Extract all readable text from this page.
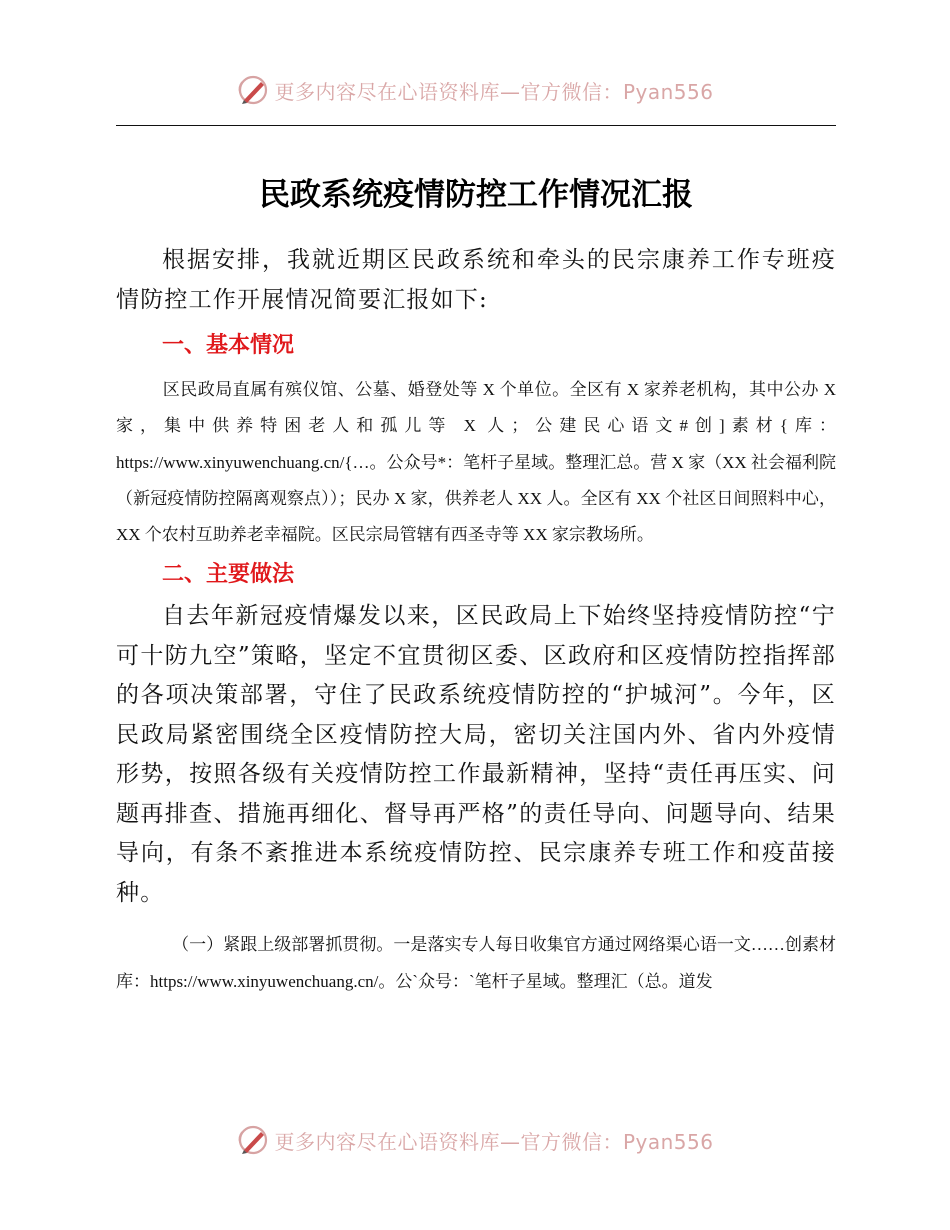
更多内容尽在心语资料库—官方微信：Pyan556
民政系统疫情防控工作情况汇报

根据安排，我就近期区民政系统和牵头的民宗康养工作专班疫情防控工作开展情况简要汇报如下:

一、基本情况

区民政局直属有殡仪馆、公墓、婚登处等 X 个单位。全区有 X 家养老机构，其中公办 X 家，集中供养特困老人和孤儿等 X 人；公建民心语文#创]素材{库：https://www.xinyuwenchuang.cn/{…。公众号*：笔杆子星域。整理汇总。营 X 家（XX 社会福利院（新冠疫情防控隔离观察点））；民办 X 家，供养老人 XX 人。全区有 XX 个社区日间照料中心，XX 个农村互助养老幸福院。区民宗局管辖有西圣寺等 XX 家宗教场所。

二、主要做法

自去年新冠疫情爆发以来，区民政局上下始终坚持疫情防控“宁可十防九空”策略，坚定不宜贯彻区委、区政府和区疫情防控指挥部的各项决策部署，守住了民政系统疫情防控的“护城河”。今年，区民政局紧密围绕全区疫情防控大局，密切关注国内外、省内外疫情形势，按照各级有关疫情防控工作最新精神，坚持“责任再压实、问题再排查、措施再细化、督导再严格”的责任导向、问题导向、结果导向，有条不紊推进本系统疫情防控、民宗康养专班工作和疫苗接种。

（一）紧跟上级部署抓贯彻。一是落实专人每日收集官方通过网络渠心语一文……创素材库：https://www.xinyuwenchuang.cn/。公`众号：`笔杆子星域。整理汇（总。道发

更多内容尽在心语资料库—官方微信：Pyan556
